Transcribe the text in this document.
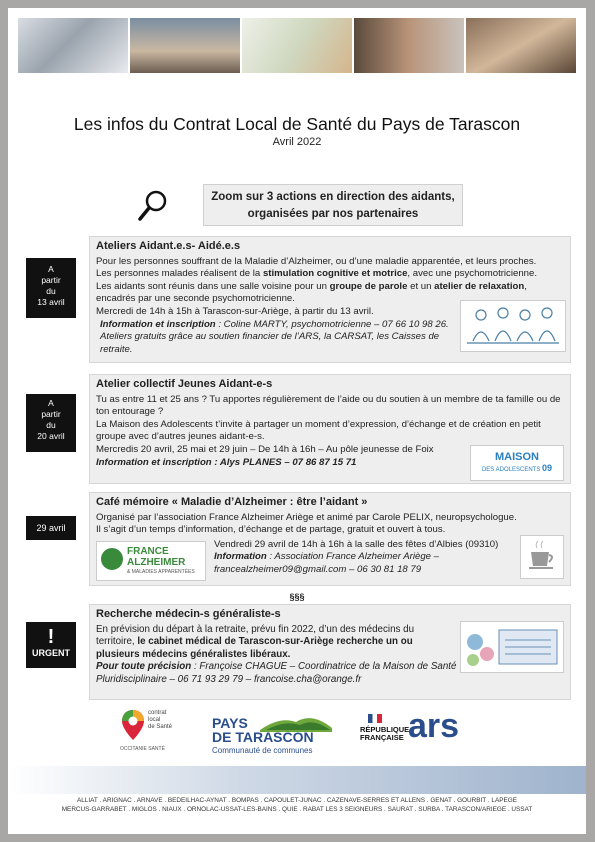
Les infos du Contrat Local de Santé du Pays de Tarascon
Avril 2022
Zoom sur 3 actions en direction des aidants,
organisées par nos partenaires
A
partir
du
13 avril
Ateliers Aidant.e.s- Aidé.e.s

Pour les personnes souffrant de la Maladie d’Alzheimer, ou d’une maladie apparentée, et leurs proches.

Les personnes malades réalisent de la stimulation cognitive et motrice, avec une psychomotricienne.

Les aidants sont réunis dans une salle voisine pour un groupe de parole et un atelier de relaxation, encadrés par une seconde psychomotricienne.

Mercredi de 14h à 15h à Tarascon-sur-Ariège, à partir du 13 avril.

Information et inscription : Coline MARTY, psychomotricienne – 07 66 10 98 26.

Ateliers gratuits grâce au soutien financier de l’ARS, la CARSAT, les Caisses de retraite.

A
partir
du
20 avril
Atelier collectif Jeunes Aidant-e-s

Tu as entre 11 et 25 ans ? Tu apportes régulièrement de l’aide ou du soutien à un membre de ta famille ou de ton entourage ?

La Maison des Adolescents t’invite à partager un moment d’expression, d’échange et de création en petit groupe avec d’autres jeunes aidant-e-s.

Mercredis 20 avril, 25 mai et 29 juin – De 14h à 16h – Au pôle jeunesse de Foix

Information et inscription : Alys PLANES – 07 86 87 15 71	MAISON
DES ADOLESCENTS 09
29 avril
Café mémoire « Maladie d’Alzheimer : être l’aidant »

Organisé par l’association France Alzheimer Ariège et animé par Carole PELIX, neuropsychologue.

Il s’agit d’un temps d’information, d’échange et de partage, gratuit et ouvert à tous.

Vendredi 29 avril de 14h à 16h à la salle des fêtes d’Albies (09310)

Information : Association France Alzheimer Ariège –

francealzheimer09@gmail.com – 06 30 81 18 79

FRANCE
ALZHEIMER
& MALADIES APPARENTÉES
§§§
!
URGENT
Recherche médecin-s généraliste-s

En prévision du départ à la retraite, prévu fin 2022, d’un des médecins du territoire, le cabinet médical de Tarascon-sur-Ariège recherche un ou plusieurs médecins généralistes libéraux.

Pour toute précision : Françoise CHAGUE – Coordinatrice de la Maison de Santé Pluridisciplinaire – 06 71 93 29 79 – francoise.cha@orange.fr

contrat
local
de Santé
OCCITANIE SANTÉ
PAYS
DE TARASCON
Communauté de communes
RÉPUBLIQUE
FRANÇAISE ars
ALLIAT . ARIGNAC . ARNAVE . BEDEILHAC-AYNAT . BOMPAS . CAPOULET-JUNAC . CAZENAVE-SERRES ET ALLENS . GENAT . GOURBIT . LAPEGE
MERCUS-GARRABET . MIGLOS . NIAUX . ORNOLAC-USSAT-LES-BAINS . QUIE . RABAT LES 3 SEIGNEURS . SAURAT . SURBA . TARASCON/ARIEGE . USSAT
